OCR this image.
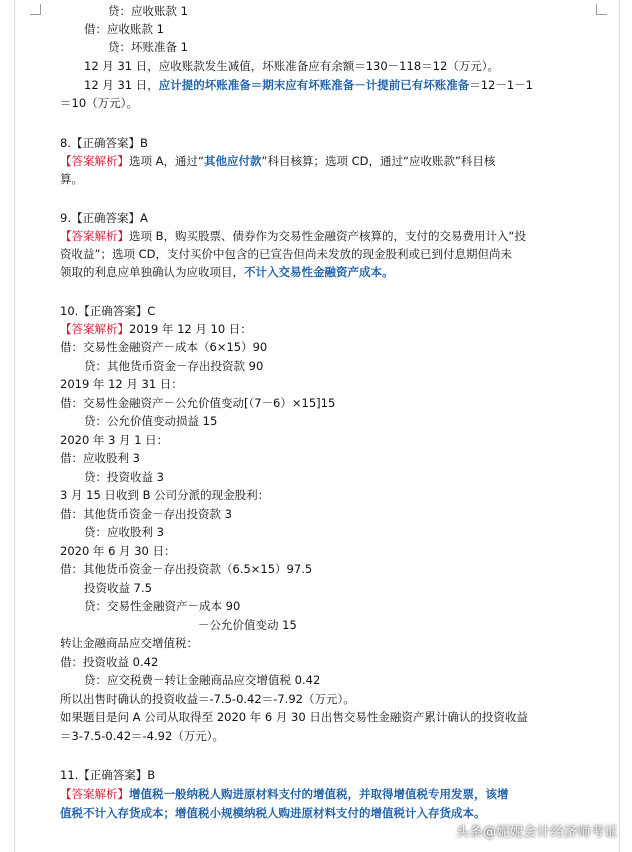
贷：应收账款 1
借：应收账款 1
贷：坏账准备 1
12 月 31 日，应收账款发生减值，坏账准备应有余额＝130－118＝12（万元）。
12 月 31 日，应计提的坏账准备＝期末应有坏账准备－计提前已有坏账准备＝12－1－1
＝10（万元）。
8.【正确答案】B
【答案解析】选项 A，通过“其他应付款”科目核算；选项 CD，通过“应收账款”科目核
算。
9.【正确答案】A
【答案解析】选项 B，购买股票、债券作为交易性金融资产核算的，支付的交易费用计入“投
资收益”；选项 CD，支付买价中包含的已宣告但尚未发放的现金股利或已到付息期但尚未
领取的利息应单独确认为应收项目，不计入交易性金融资产成本。
10.【正确答案】C
【答案解析】2019 年 12 月 10 日：
借：交易性金融资产－成本（6×15）90
贷：其他货币资金－存出投资款 90
2019 年 12 月 31 日：
借：交易性金融资产－公允价值变动[（7－6）×15]15
贷：公允价值变动损益 15
2020 年 3 月 1 日：
借：应收股利 3
贷：投资收益 3
3 月 15 日收到 B 公司分派的现金股利：
借：其他货币资金－存出投资款 3
贷：应收股利 3
2020 年 6 月 30 日：
借：其他货币资金－存出投资款（6.5×15）97.5
投资收益 7.5
贷：交易性金融资产－成本 90
－公允价值变动 15
转让金融商品应交增值税：
借：投资收益 0.42
贷：应交税费－转让金融商品应交增值税 0.42
所以出售时确认的投资收益＝-7.5-0.42＝-7.92（万元）。
如果题目是问 A 公司从取得至 2020 年 6 月 30 日出售交易性金融资产累计确认的投资收益
＝3-7.5-0.42＝-4.92（万元）。
11.【正确答案】B
【答案解析】增值税一般纳税人购进原材料支付的增值税，并取得增值税专用发票，该增
值税不计入存货成本；增值税小规模纳税人购进原材料支付的增值税计入存货成本。
头条@妮妮会计经济师考证
